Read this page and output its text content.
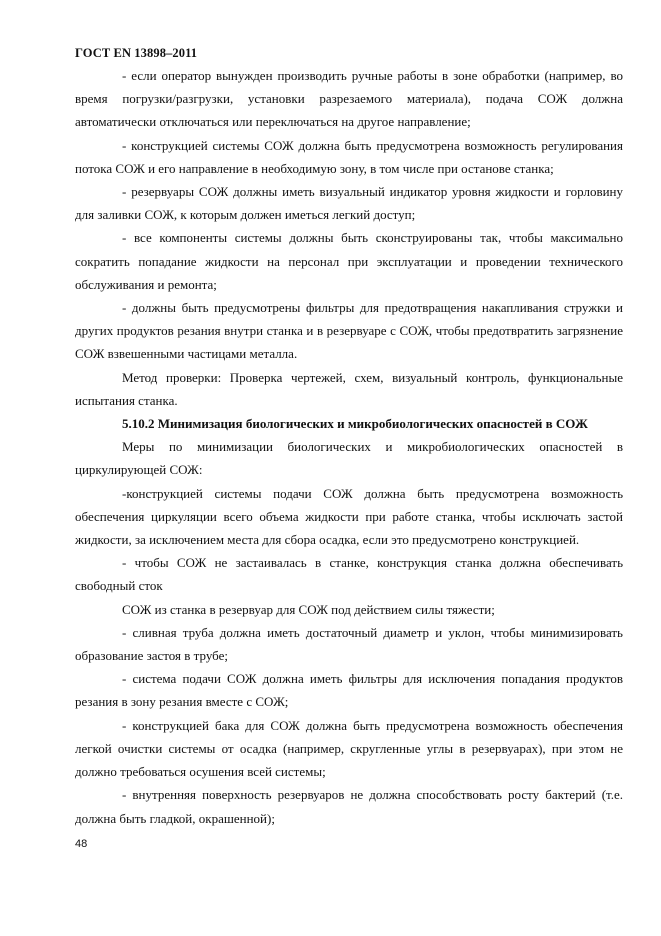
ГОСТ EN 13898–2011

- если оператор вынужден производить ручные работы в зоне обработки (например, во время погрузки/разгрузки, установки разрезаемого материала), подача СОЖ должна автоматически отключаться или переключаться на другое направление;

- конструкцией системы СОЖ должна быть предусмотрена возможность регулирования потока СОЖ и его направление в необходимую зону, в том числе при останове станка;

- резервуары СОЖ должны иметь визуальный индикатор уровня жидкости и горловину для заливки СОЖ, к которым должен иметься легкий доступ;

- все компоненты системы должны быть сконструированы так, чтобы максимально сократить попадание жидкости на персонал при эксплуатации и проведении технического обслуживания и ремонта;

- должны быть предусмотрены фильтры для предотвращения накапливания стружки и других продуктов резания внутри станка и в резервуаре с СОЖ, чтобы предотвратить загрязнение СОЖ взвешенными частицами металла.

Метод проверки: Проверка чертежей, схем, визуальный контроль, функциональные испытания станка.

5.10.2 Минимизация биологических и микробиологических опасностей в СОЖ

Меры по минимизации биологических и микробиологических опасностей в циркулирующей СОЖ:

-конструкцией системы подачи СОЖ должна быть предусмотрена возможность обеспечения циркуляции всего объема жидкости при работе станка, чтобы исключать застой жидкости, за исключением места для сбора осадка, если это предусмотрено конструкцией.

- чтобы СОЖ не застаивалась в станке, конструкция станка должна обеспечивать свободный сток

СОЖ из станка в резервуар для СОЖ под действием силы тяжести;

- сливная труба должна иметь достаточный диаметр и уклон, чтобы минимизировать образование застоя в трубе;

- система подачи СОЖ должна иметь фильтры для исключения попадания продуктов резания в зону резания вместе с СОЖ;

- конструкцией бака для СОЖ должна быть предусмотрена возможность обеспечения легкой очистки системы от осадка (например, скругленные углы в резервуарах), при этом не должно требоваться осушения всей системы;

- внутренняя поверхность резервуаров не должна способствовать росту бактерий (т.е. должна быть гладкой, окрашенной);

48
